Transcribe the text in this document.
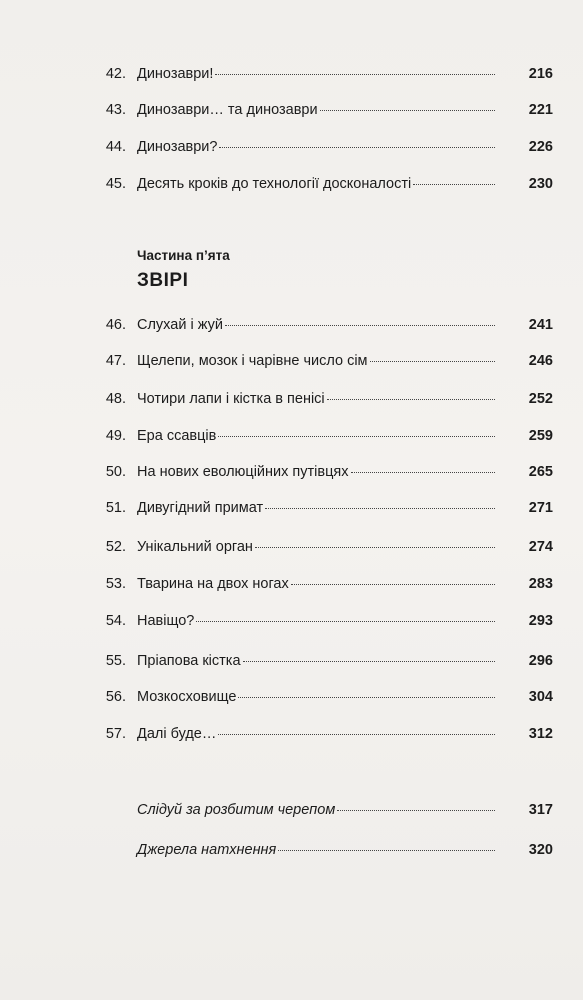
42. Динозаври!	216
43. Динозаври… та динозаври	221
44. Динозаври?	226
45. Десять кроків до технології досконалості	230
Частина п’ята
ЗВІРІ
46. Слухай і жуй	241
47. Щелепи, мозок і чарівне число сім	246
48. Чотири лапи і кістка в пенісі	252
49. Ера ссавців	259
50. На нових еволюційних путівцях	265
51. Дивугідний примат	271
52. Унікальний орган	274
53. Тварина на двох ногах	283
54. Навіщо?	293
55. Пріапова кістка	296
56. Мозкосховище	304
57. Далі буде…	312
Слідуй за розбитим черепом	317
Джерела натхнення	320
